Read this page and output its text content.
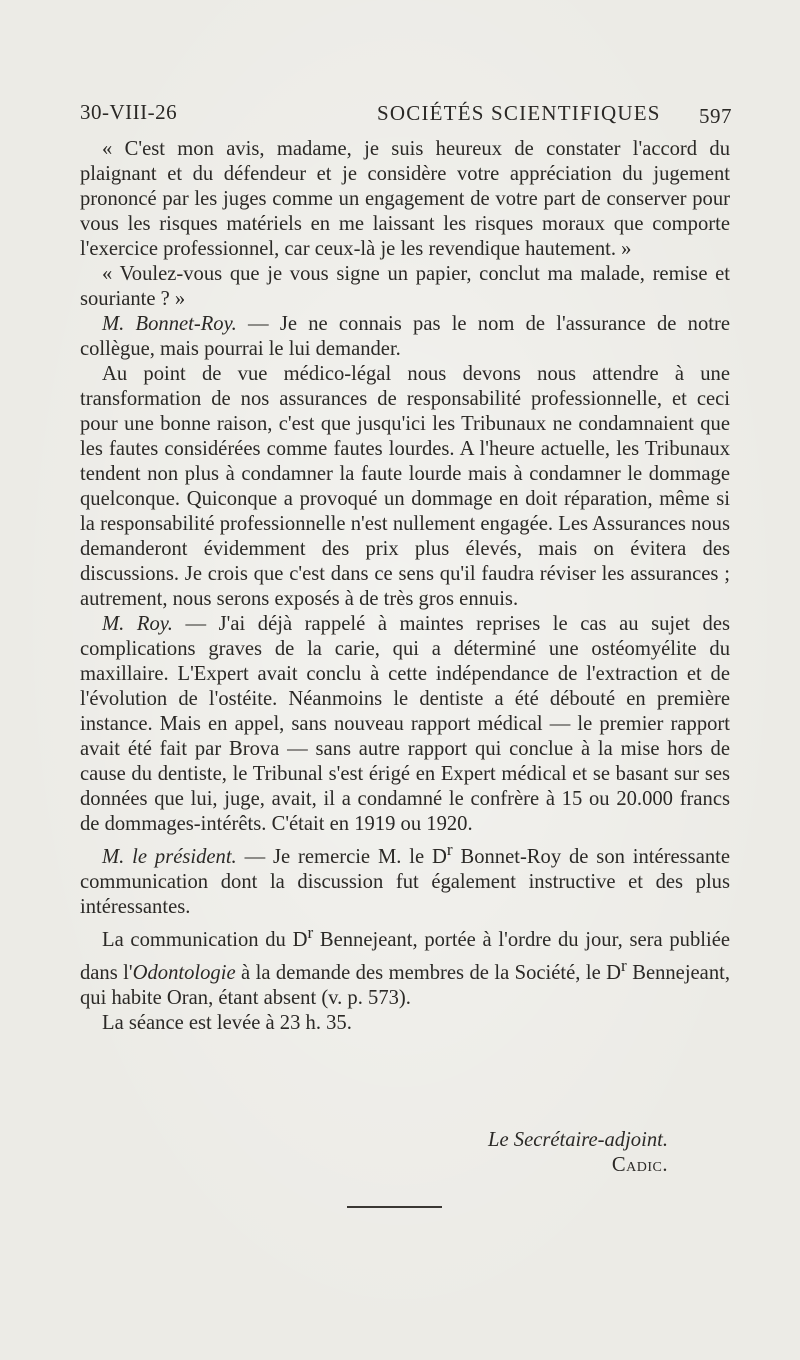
30-VIII-26	SOCIÉTÉS SCIENTIFIQUES 597

« C'est mon avis, madame, je suis heureux de constater l'accord du plaignant et du défendeur et je considère votre appréciation du jugement prononcé par les juges comme un engagement de votre part de conserver pour vous les risques matériels en me laissant les risques moraux que comporte l'exercice professionnel, car ceux-là je les revendique hautement. »

« Voulez-vous que je vous signe un papier, conclut ma malade, remise et souriante ? »

M. Bonnet-Roy. — Je ne connais pas le nom de l'assurance de notre collègue, mais pourrai le lui demander.

Au point de vue médico-légal nous devons nous attendre à une transformation de nos assurances de responsabilité professionnelle, et ceci pour une bonne raison, c'est que jusqu'ici les Tribunaux ne condamnaient que les fautes considérées comme fautes lourdes. A l'heure actuelle, les Tribunaux tendent non plus à condamner la faute lourde mais à condamner le dommage quelconque. Quiconque a provoqué un dommage en doit réparation, même si la responsabilité professionnelle n'est nullement engagée. Les Assurances nous demanderont évidemment des prix plus élevés, mais on évitera des discussions. Je crois que c'est dans ce sens qu'il faudra réviser les assurances ; autrement, nous serons exposés à de très gros ennuis.

M. Roy. — J'ai déjà rappelé à maintes reprises le cas au sujet des complications graves de la carie, qui a déterminé une ostéomyélite du maxillaire. L'Expert avait conclu à cette indépendance de l'extraction et de l'évolution de l'ostéite. Néanmoins le dentiste a été débouté en première instance. Mais en appel, sans nouveau rapport médical — le premier rapport avait été fait par Brova — sans autre rapport qui conclue à la mise hors de cause du dentiste, le Tribunal s'est érigé en Expert médical et se basant sur ses données que lui, juge, avait, il a condamné le confrère à 15 ou 20.000 francs de dommages-intérêts. C'était en 1919 ou 1920.

M. le président. — Je remercie M. le $D^r$ Bonnet-Roy de son intéressante communication dont la discussion fut également instructive et des plus intéressantes.

La communication du $D^r$ Bennejeant, portée à l'ordre du jour, sera publiée dans l'Odontologie à la demande des membres de la Société, le $D^r$ Bennejeant, qui habite Oran, étant absent (v. p. 573).

La séance est levée à 23 h. 35.

Le Secrétaire-adjoint.
Cadic.
